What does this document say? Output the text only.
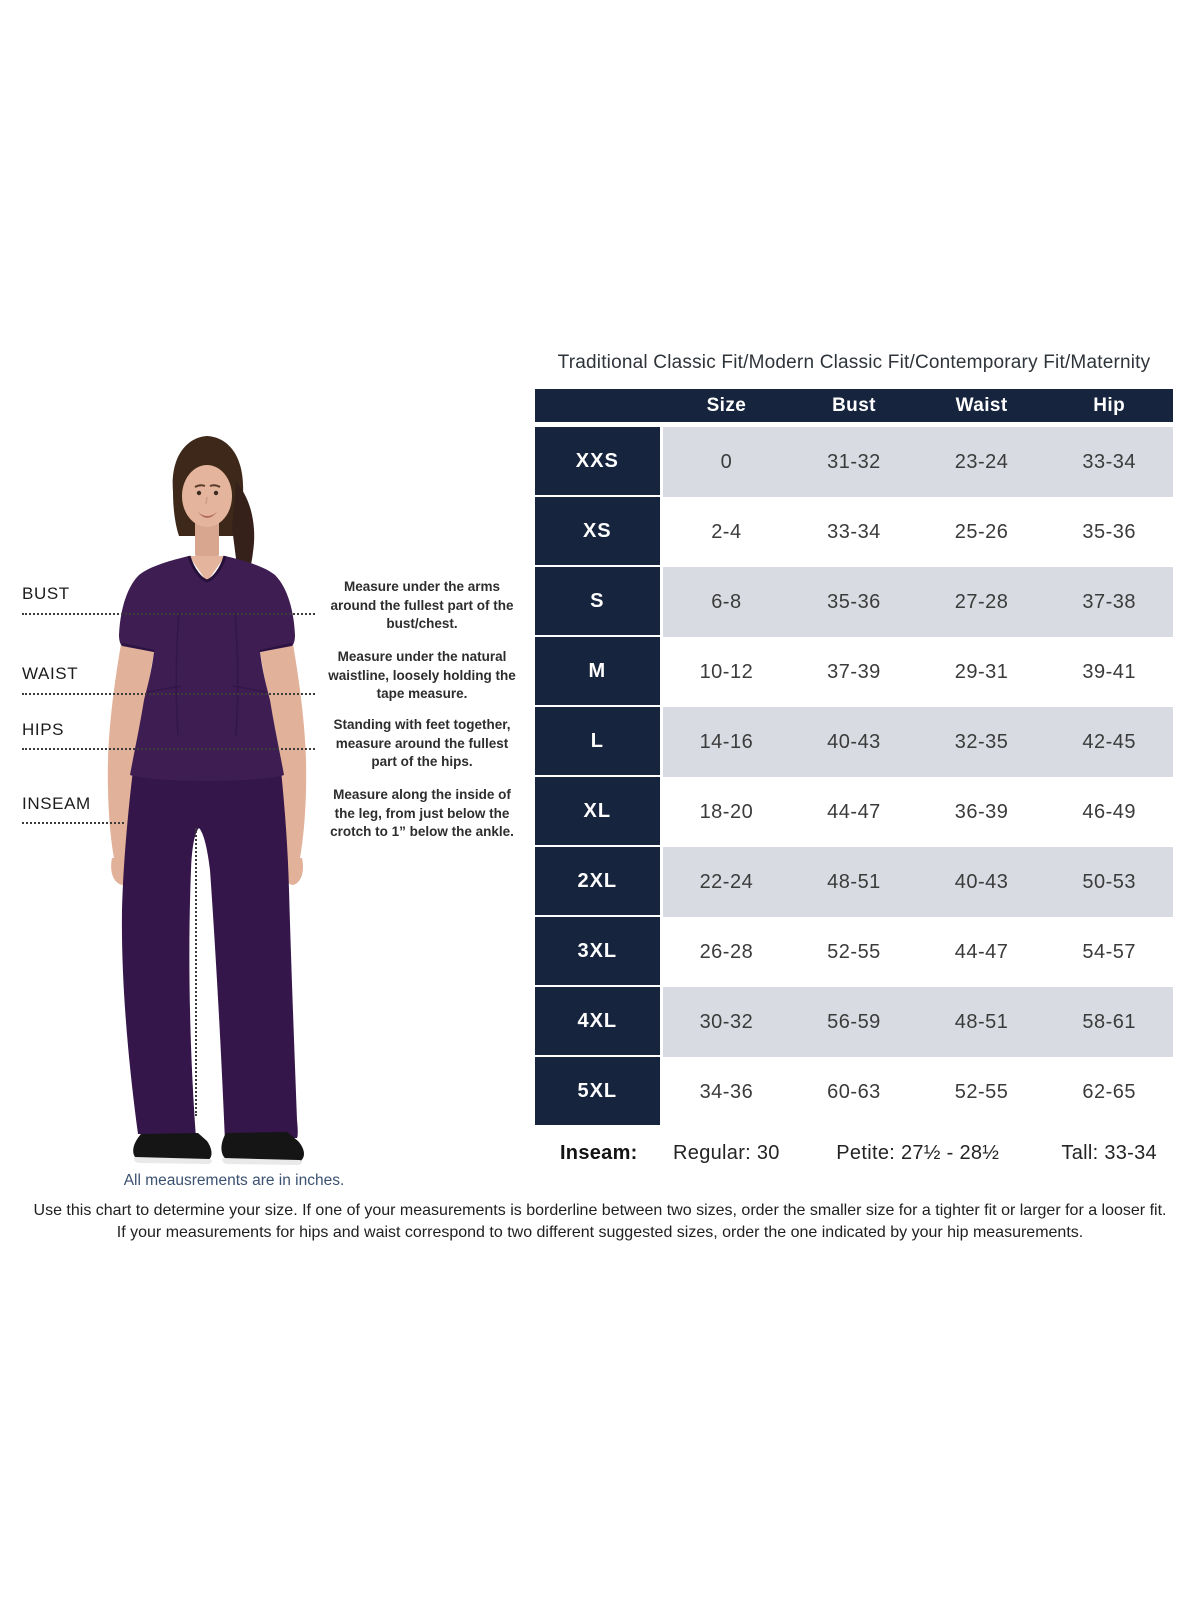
BUST
WAIST
HIPS
INSEAM
Measure under the arms around the fullest part of the bust/chest.
Measure under the natural waistline, loosely holding the tape measure.
Standing with feet together, measure around the fullest part of the hips.
Measure along the inside of the leg, from just below the crotch to 1” below the ankle.
Traditional Classic Fit/Modern Classic Fit/Contemporary Fit/Maternity
	Size	Bust	Waist	Hip
XXS	0	31-32	23-24	33-34
XS	2-4	33-34	25-26	35-36
S	6-8	35-36	27-28	37-38
M	10-12	37-39	29-31	39-41
L	14-16	40-43	32-35	42-45
XL	18-20	44-47	36-39	46-49
2XL	22-24	48-51	40-43	50-53
3XL	26-28	52-55	44-47	54-57
4XL	30-32	56-59	48-51	58-61
5XL	34-36	60-63	52-55	62-65
Inseam:	Regular: 30	Petite: 27½ - 28½	Tall: 33-34
All meausrements are in inches.
Use this chart to determine your size. If one of your measurements is borderline between two sizes, order the smaller size for a tighter fit or larger for a looser fit.
If your measurements for hips and waist correspond to two different suggested sizes, order the one indicated by your hip measurements.
